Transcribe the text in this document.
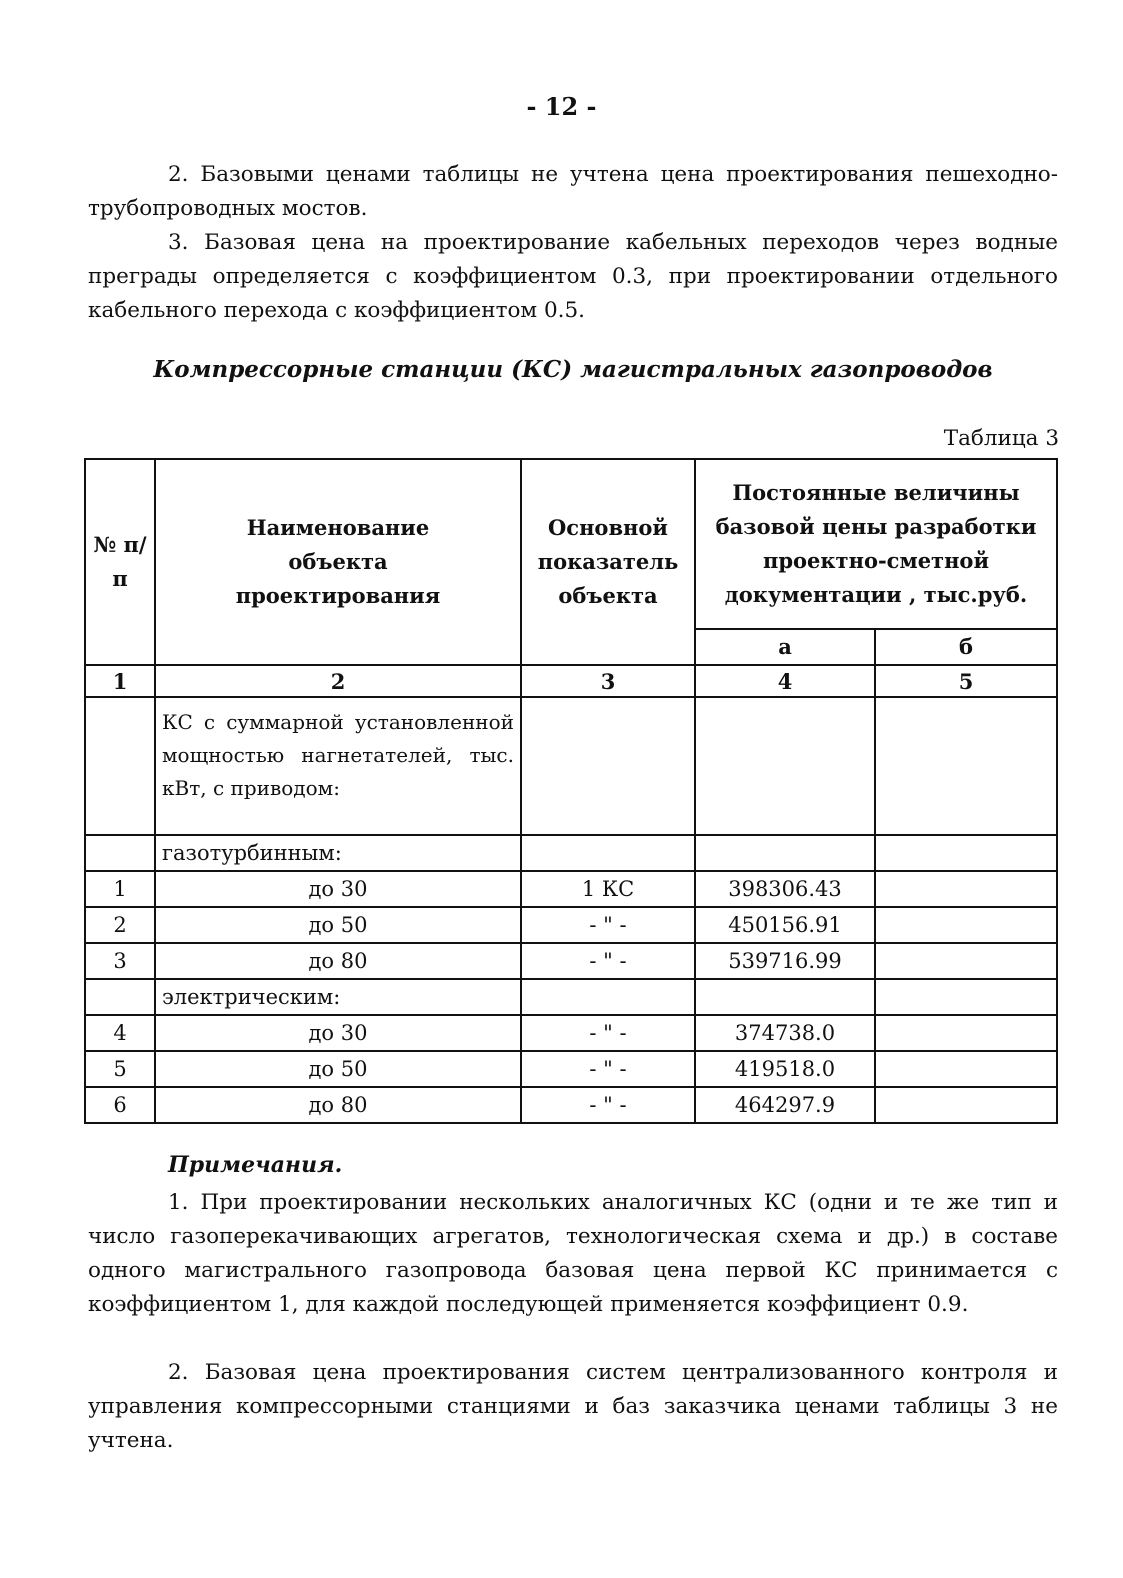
- 12 -

2. Базовыми ценами таблицы не учтена цена проектирования пешеходно-трубопроводных мостов.

3. Базовая цена на проектирование кабельных переходов через водные преграды определяется с коэффициентом 0.3, при проектировании отдельного кабельного перехода с коэффициентом 0.5.

Компрессорные станции (КС) магистральных газопроводов

Таблица 3

№ п/п	Наименование объекта проектирования	Основной показатель объекта	Постоянные величины базовой цены разработки проектно-сметной документации , тыс.руб.	
			а	б
1	2	3	4	5
	КС с суммарной установленной мощностью нагнетателей, тыс. кВт, с приводом:			
	газотурбинным:			
1	до 30	1 КС	398306.43	
2	до 50	- " -	450156.91	
3	до 80	- " -	539716.99	
	электрическим:			
4	до 30	- " -	374738.0	
5	до 50	- " -	419518.0	
6	до 80	- " -	464297.9	

Примечания.

1. При проектировании нескольких аналогичных КС (одни и те же тип и число газоперекачивающих агрегатов, технологическая схема и др.) в составе одного магистрального газопровода базовая цена первой КС принимается с коэффициентом 1, для каждой последующей применяется коэффициент 0.9.

2. Базовая цена проектирования систем централизованного контроля и управления компрессорными станциями и баз заказчика ценами таблицы 3 не учтена.
